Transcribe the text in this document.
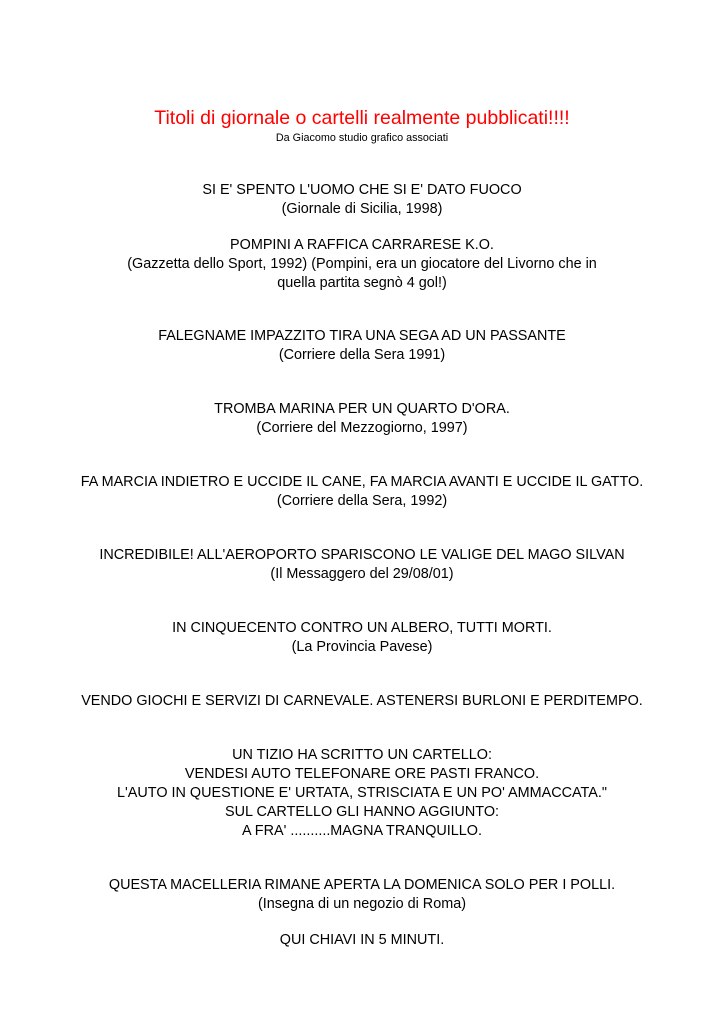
Titoli di giornale o cartelli realmente pubblicati!!!!
Da Giacomo studio grafico associati
SI E' SPENTO L'UOMO CHE SI E' DATO FUOCO
(Giornale di Sicilia, 1998)
POMPINI A RAFFICA CARRARESE K.O.
(Gazzetta dello Sport, 1992) (Pompini, era un giocatore del Livorno che in
quella partita segnò 4 gol!)
FALEGNAME IMPAZZITO TIRA UNA SEGA AD UN PASSANTE
(Corriere della Sera 1991)
TROMBA MARINA PER UN QUARTO D'ORA.
(Corriere del Mezzogiorno, 1997)
FA MARCIA INDIETRO E UCCIDE IL CANE, FA MARCIA AVANTI E UCCIDE IL GATTO.
(Corriere della Sera, 1992)
INCREDIBILE! ALL'AEROPORTO SPARISCONO LE VALIGE DEL MAGO SILVAN
(Il Messaggero del 29/08/01)
IN CINQUECENTO CONTRO UN ALBERO, TUTTI MORTI.
(La Provincia Pavese)
VENDO GIOCHI E SERVIZI DI CARNEVALE. ASTENERSI BURLONI E PERDITEMPO.
UN TIZIO HA SCRITTO UN CARTELLO:
VENDESI AUTO TELEFONARE ORE PASTI FRANCO.
L'AUTO IN QUESTIONE E' URTATA, STRISCIATA E UN PO' AMMACCATA."
SUL CARTELLO GLI HANNO AGGIUNTO:
A FRA' ..........MAGNA TRANQUILLO.
QUESTA MACELLERIA RIMANE APERTA LA DOMENICA SOLO PER I POLLI.
(Insegna di un negozio di Roma)
QUI CHIAVI IN 5 MINUTI.
